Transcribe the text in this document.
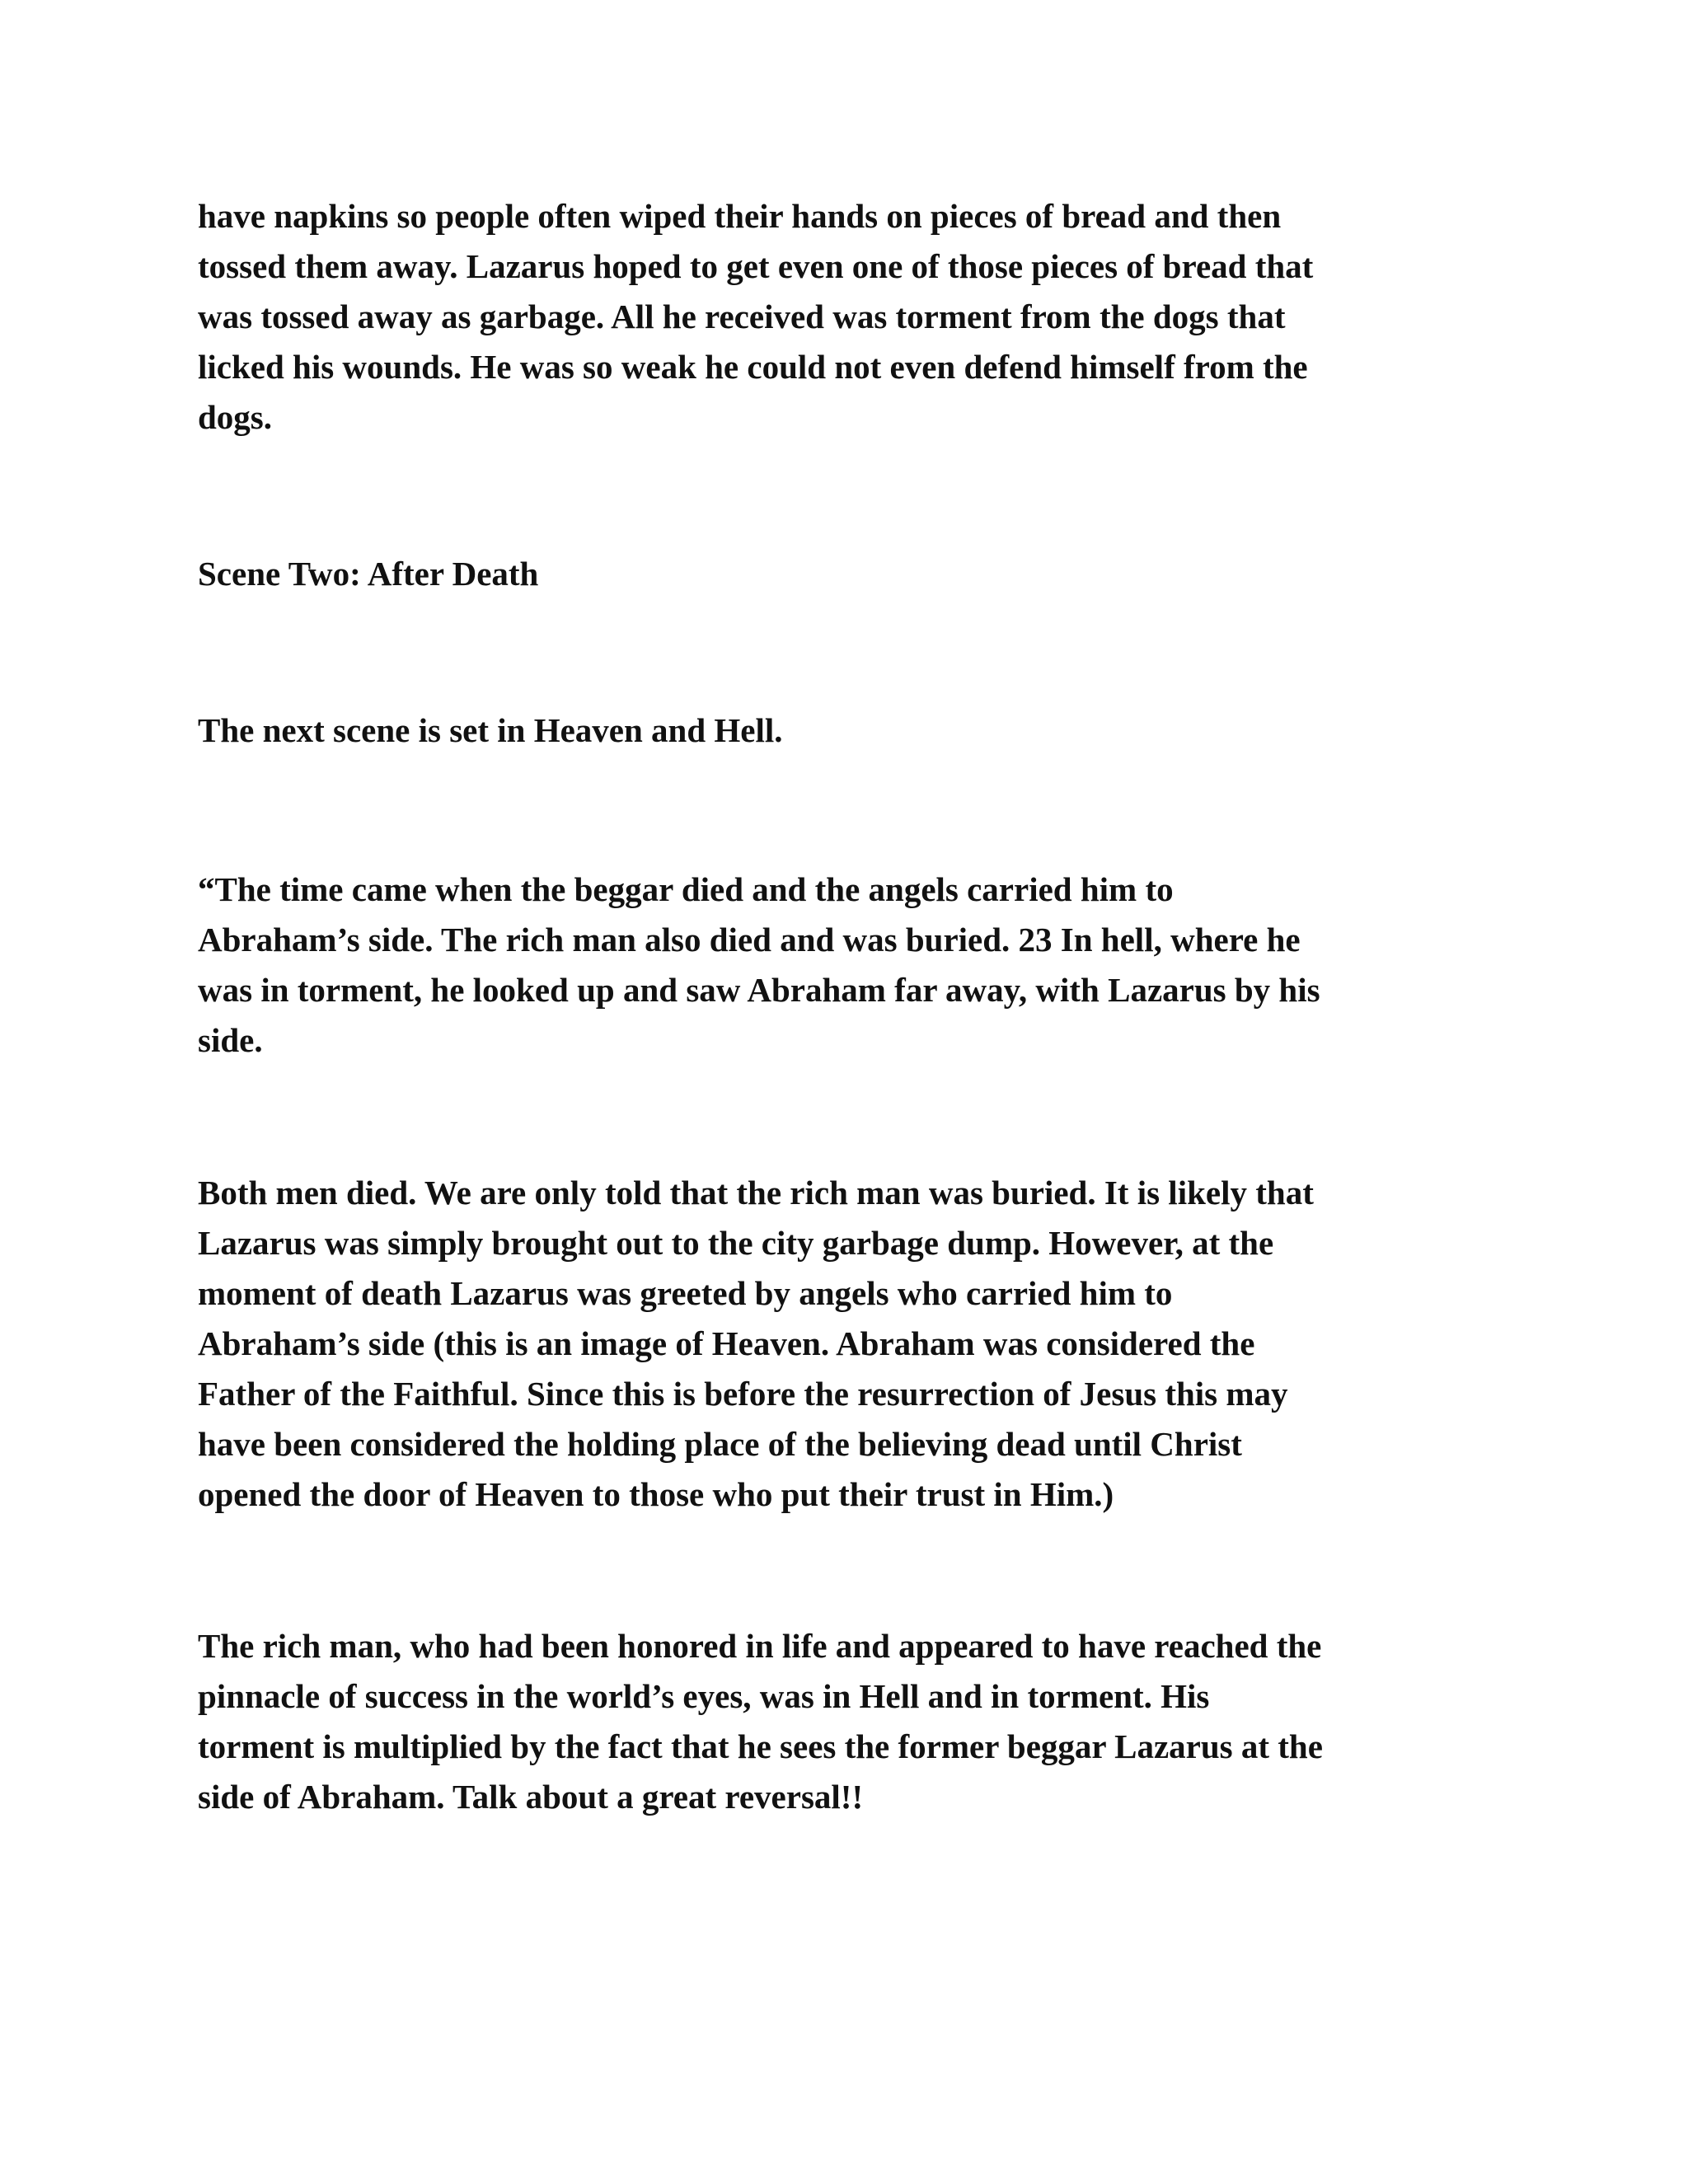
have napkins so people often wiped their hands on pieces of bread and then
tossed them away. Lazarus hoped to get even one of those pieces of bread that
was tossed away as garbage. All he received was torment from the dogs that
licked his wounds. He was so weak he could not even defend himself from the
dogs.

Scene Two: After Death

The next scene is set in Heaven and Hell.

“The time came when the beggar died and the angels carried him to
Abraham’s side. The rich man also died and was buried. 23 In hell, where he
was in torment, he looked up and saw Abraham far away, with Lazarus by his
side.

Both men died. We are only told that the rich man was buried. It is likely that
Lazarus was simply brought out to the city garbage dump. However, at the
moment of death Lazarus was greeted by angels who carried him to
Abraham’s side (this is an image of Heaven. Abraham was considered the
Father of the Faithful. Since this is before the resurrection of Jesus this may
have been considered the holding place of the believing dead until Christ
opened the door of Heaven to those who put their trust in Him.)

The rich man, who had been honored in life and appeared to have reached the
pinnacle of success in the world’s eyes, was in Hell and in torment. His
torment is multiplied by the fact that he sees the former beggar Lazarus at the
side of Abraham. Talk about a great reversal!!
